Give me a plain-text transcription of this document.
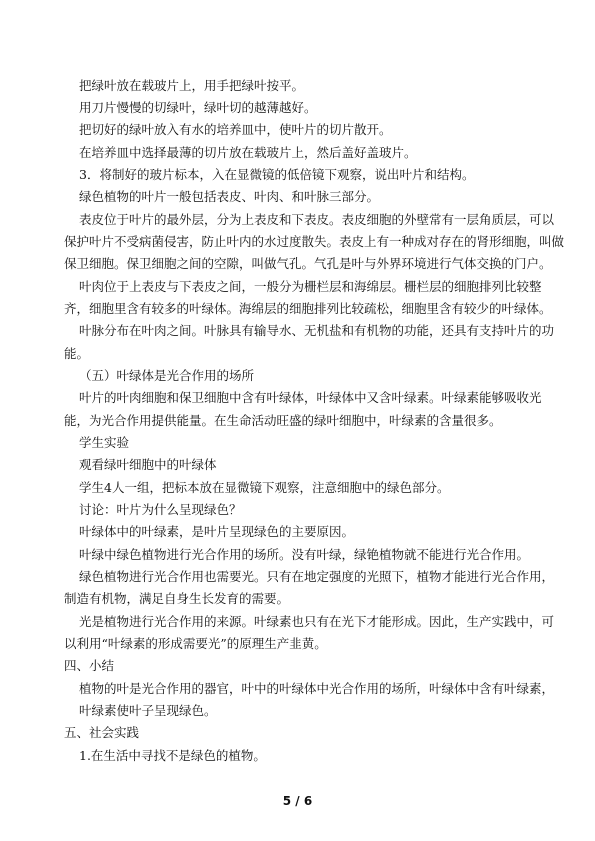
把绿叶放在载玻片上，用手把绿叶按平。
用刀片慢慢的切绿叶，绿叶切的越薄越好。
把切好的绿叶放入有水的培养皿中，使叶片的切片散开。
在培养皿中选择最薄的切片放在载玻片上，然后盖好盖玻片。
3．将制好的玻片标本，入在显微镜的低倍镜下观察，说出叶片和结构。
绿色植物的叶片一般包括表皮、叶肉、和叶脉三部分。
表皮位于叶片的最外层，分为上表皮和下表皮。表皮细胞的外壁常有一层角质层，可以
保护叶片不受病菌侵害，防止叶内的水过度散失。表皮上有一种成对存在的肾形细胞，叫做
保卫细胞。保卫细胞之间的空隙，叫做气孔。气孔是叶与外界环境进行气体交换的门户。
叶肉位于上表皮与下表皮之间，一般分为栅栏层和海绵层。栅栏层的细胞排列比较整
齐，细胞里含有较多的叶绿体。海绵层的细胞排列比较疏松，细胞里含有较少的叶绿体。
叶脉分布在叶肉之间。叶脉具有输导水、无机盐和有机物的功能，还具有支持叶片的功
能。
（五）叶绿体是光合作用的场所
叶片的叶肉细胞和保卫细胞中含有叶绿体，叶绿体中又含叶绿素。叶绿素能够吸收光
能，为光合作用提供能量。在生命活动旺盛的绿叶细胞中，叶绿素的含量很多。
学生实验
观看绿叶细胞中的叶绿体
学生4人一组，把标本放在显微镜下观察，注意细胞中的绿色部分。
讨论：叶片为什么呈现绿色？
叶绿体中的叶绿素，是叶片呈现绿色的主要原因。
叶绿中绿色植物进行光合作用的场所。没有叶绿，绿铯植物就不能进行光合作用。
绿色植物进行光合作用也需要光。只有在地定强度的光照下，植物才能进行光合作用，
制造有机物，满足自身生长发育的需要。
光是植物进行光合作用的来源。叶绿素也只有在光下才能形成。因此，生产实践中，可
以利用“叶绿素的形成需要光”的原理生产韭黄。
四、小结
植物的叶是光合作用的器官，叶中的叶绿体中光合作用的场所，叶绿体中含有叶绿素，
叶绿素使叶子呈现绿色。
五、社会实践
1.在生活中寻找不是绿色的植物。
5 / 6
